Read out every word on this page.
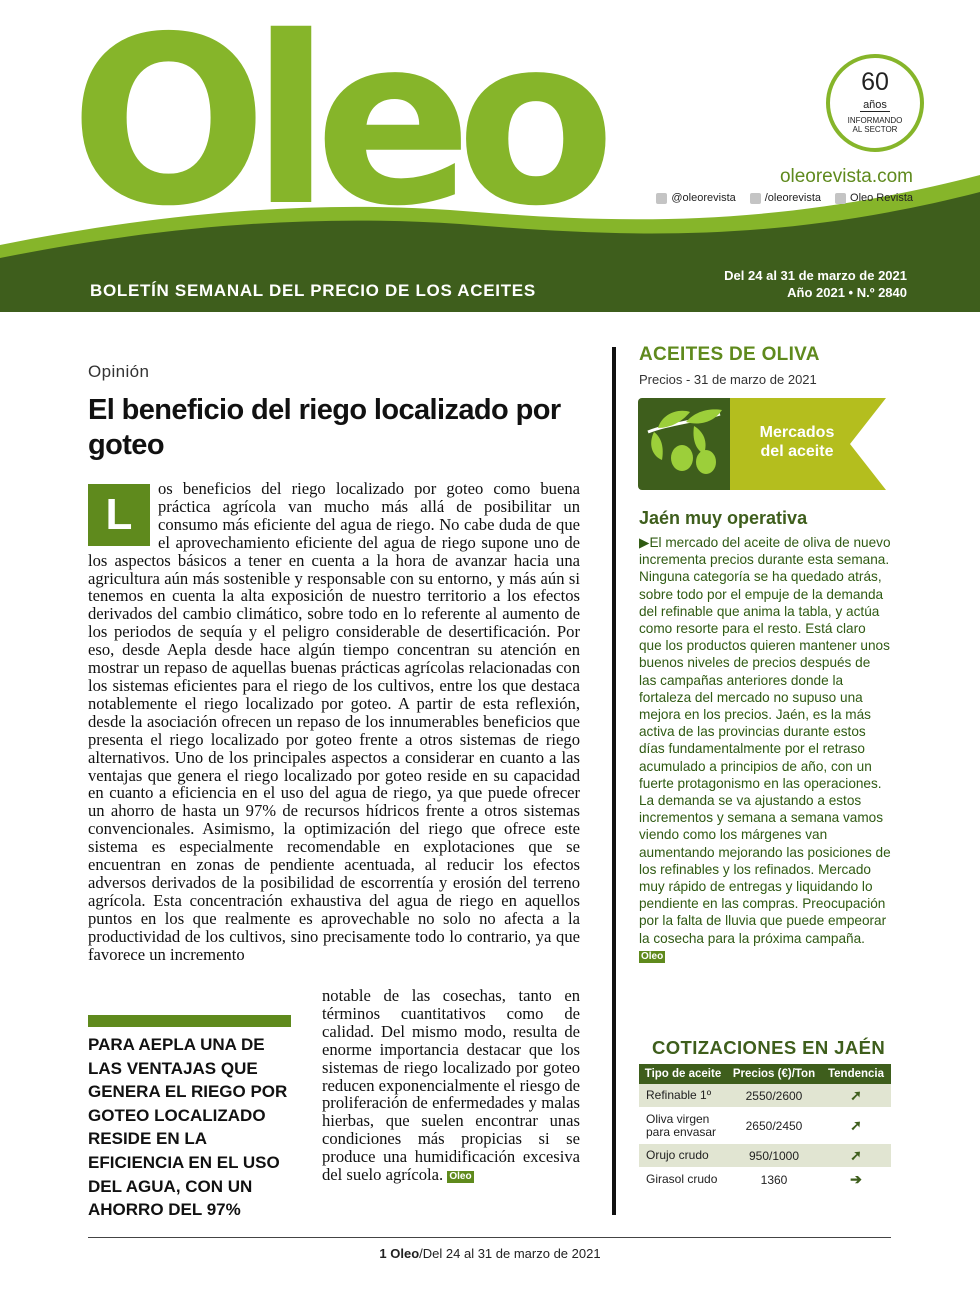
Oleo	60
años
INFORMANDO
AL SECTOR
oleorevista.com
@oleorevista	/oleorevista	Oleo Revista
BOLETÍN SEMANAL DEL PRECIO DE LOS ACEITES
Del 24 al 31 de marzo de 2021
Año 2021 • N.º 2840
Opinión
El beneficio del riego localizado por goteo
L
os beneficios del riego localizado por goteo como buena práctica agrícola van mucho más allá de posibilitar un consumo más eficiente del agua de riego. No cabe duda de que el aprovechamiento eficiente del agua de riego supone uno de los aspectos básicos a tener en cuenta a la hora de avanzar hacia una agricultura aún más sostenible y responsable con su entorno, y más aún si tenemos en cuenta la alta exposición de nuestro territorio a los efectos derivados del cambio climático, sobre todo en lo referente al aumento de los periodos de sequía y el peligro considerable de desertificación. Por eso, desde Aepla desde hace algún tiempo concentran su atención en mostrar un repaso de aquellas buenas prácticas agrícolas relacionadas con los sistemas eficientes para el riego de los cultivos, entre los que destaca notablemente el riego localizado por goteo. A partir de esta reflexión, desde la asociación ofrecen un repaso de los innumerables beneficios que presenta el riego localizado por goteo frente a otros sistemas de riego alternativos. Uno de los principales aspectos a considerar en cuanto a las ventajas que genera el riego localizado por goteo reside en su capacidad en cuanto a eficiencia en el uso del agua de riego, ya que puede ofrecer un ahorro de hasta un 97% de recursos hídricos frente a otros sistemas convencionales. Asimismo, la optimización del riego que ofrece este sistema es especialmente recomendable en explotaciones que se encuentran en zonas de pendiente acentuada, al reducir los efectos adversos derivados de la posibilidad de escorrentía y erosión del terreno agrícola. Esta concentración exhaustiva del agua de riego en aquellos puntos en los que realmente es aprovechable no solo no afecta a la productividad de los cultivos, sino precisamente todo lo contrario, ya que favorece un incremento
notable de las cosechas, tanto en términos cuantitativos como de calidad. Del mismo modo, resulta de enorme importancia destacar que los sistemas de riego localizado por goteo reducen exponencialmente el riesgo de proliferación de enfermedades y malas hierbas, que suelen encontrar unas condiciones más propicias si se produce una humidificación excesiva del suelo agrícola. Oleo
PARA AEPLA UNA DE LAS VENTAJAS QUE GENERA EL RIEGO POR GOTEO LOCALIZADO RESIDE EN LA EFICIENCIA EN EL USO DEL AGUA, CON UN AHORRO DEL 97%
ACEITES DE OLIVA
Precios - 31 de marzo de 2021
Mercados
del aceite
Jaén muy operativa
▶El mercado del aceite de oliva de nuevo incrementa precios durante esta semana. Ninguna categoría se ha quedado atrás, sobre todo por el empuje de la demanda del refinable que anima la tabla, y actúa como resorte para el resto. Está claro que los productos quieren mantener unos buenos niveles de precios después de las campañas anteriores donde la fortaleza del mercado no supuso una mejora en los precios. Jaén, es la más activa de las provincias durante estos días fundamentalmente por el retraso acumulado a principios de año, con un fuerte protagonismo en las operaciones. La demanda se va ajustando a estos incrementos y semana a semana vamos viendo como los márgenes van aumentando mejorando las posiciones de los refinables y los refinados. Mercado muy rápido de entregas y liquidando lo pendiente en las compras. Preocupación por la falta de lluvia que puede empeorar la cosecha para la próxima campaña. Oleo
COTIZACIONES EN JAÉN
Tipo de aceite	Precios (€)/Ton	Tendencia
Refinable 1º	2550/2600	➚
Oliva virgen para envasar	2650/2450	➚
Orujo crudo	950/1000	➚
Girasol crudo	1360	➔
1 Oleo/Del 24 al 31 de marzo de 2021
